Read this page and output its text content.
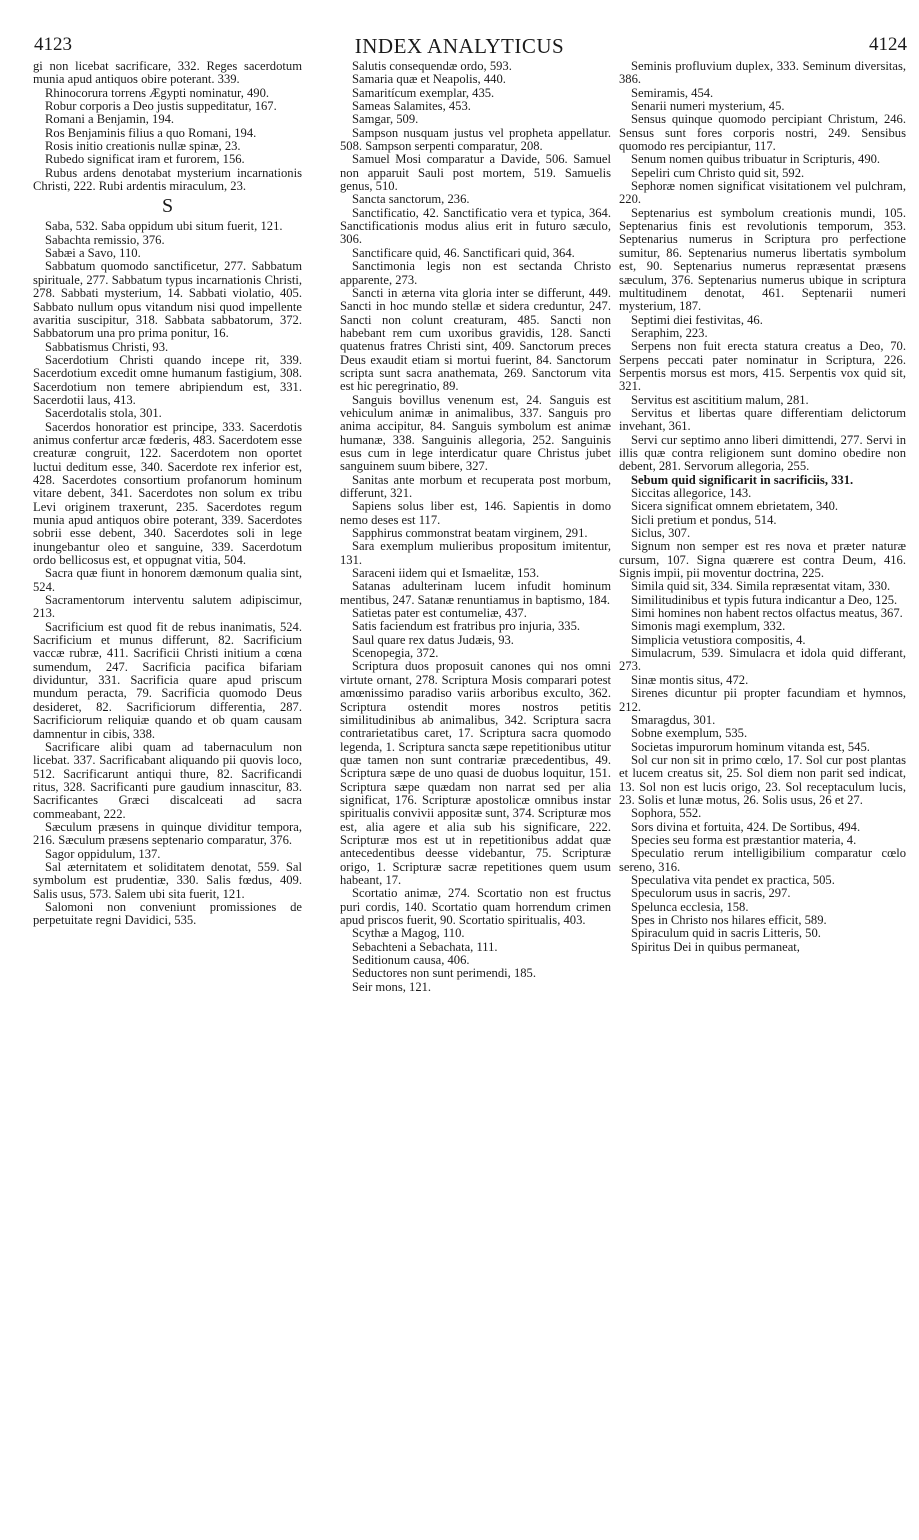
4123	INDEX ANALYTICUS	4124

gi non licebat sacrificare, 332. Reges sacerdotum munia apud antiquos obire poterant. 339.

Rhinocorura torrens Ægypti nominatur, 490.

Robur corporis a Deo justis suppeditatur, 167.

Romani a Benjamin, 194.

Ros Benjaminis filius a quo Romani, 194.

Rosis initio creationis nullæ spinæ, 23.

Rubedo significat iram et furorem, 156.

Rubus ardens denotabat mysterium incarnationis Christi, 222. Rubi ardentis miraculum, 23.

S

Saba, 532. Saba oppidum ubi situm fuerit, 121.

Sabachta remissio, 376.

Sabæi a Savo, 110.

Sabbatum quomodo sanctificetur, 277. Sabbatum spirituale, 277. Sabbatum typus incarnationis Christi, 278. Sabbati mysterium, 14. Sabbati violatio, 405. Sabbato nullum opus vitandum nisi quod impellente avaritia suscipitur, 318. Sabbata sabbatorum, 372. Sabbatorum una pro prima ponitur, 16.

Sabbatismus Christi, 93.

Sacerdotium Christi quando incepe rit, 339. Sacerdotium excedit omne humanum fastigium, 308. Sacerdotium non temere abripiendum est, 331. Sacerdotii laus, 413.

Sacerdotalis stola, 301.

Sacerdos honoratior est principe, 333. Sacerdotis animus confertur arcæ fœderis, 483. Sacerdotem esse creaturæ congruit, 122. Sacerdotem non oportet luctui deditum esse, 340. Sacerdote rex inferior est, 428. Sacerdotes consortium profanorum hominum vitare debent, 341. Sacerdotes non solum ex tribu Levi originem traxerunt, 235. Sacerdotes regum munia apud antiquos obire poterant, 339. Sacerdotes sobrii esse debent, 340. Sacerdotes soli in lege inungebantur oleo et sanguine, 339. Sacerdotum ordo bellicosus est, et oppugnat vitia, 504.

Sacra quæ fiunt in honorem dæmonum qualia sint, 524.

Sacramentorum interventu salutem adipiscimur, 213.

Sacrificium est quod fit de rebus inanimatis, 524. Sacrificium et munus differunt, 82. Sacrificium vaccæ rubræ, 411. Sacrificii Christi initium a cœna sumendum, 247. Sacrificia pacifica bifariam dividuntur, 331. Sacrificia quare apud priscum mundum peracta, 79. Sacrificia quomodo Deus desideret, 82. Sacrificiorum differentia, 287. Sacrificiorum reliquiæ quando et ob quam causam damnentur in cibis, 338.

Sacrificare alibi quam ad tabernaculum non licebat. 337. Sacrificabant aliquando pii quovis loco, 512. Sacrificarunt antiqui thure, 82. Sacrificandi ritus, 328. Sacrificanti pure gaudium innascitur, 83. Sacrificantes Græci discalceati ad sacra commeabant, 222.

Sæculum præsens in quinque dividitur tempora, 216. Sæculum præsens septenario comparatur, 376.

Sagor oppidulum, 137.

Sal æternitatem et soliditatem denotat, 559. Sal symbolum est prudentiæ, 330. Salis fœdus, 409. Salis usus, 573. Salem ubi sita fuerit, 121.

Salomoni non conveniunt promissiones de perpetuitate regni Davidici, 535.

Salutis consequendæ ordo, 593.

Samaria quæ et Neapolis, 440.

Samaritícum exemplar, 435.

Sameas Salamites, 453.

Samgar, 509.

Sampson nusquam justus vel propheta appellatur. 508. Sampson serpenti comparatur, 208.

Samuel Mosi comparatur a Davide, 506. Samuel non apparuit Sauli post mortem, 519. Samuelis genus, 510.

Sancta sanctorum, 236.

Sanctificatio, 42. Sanctificatio vera et typica, 364. Sanctificationis modus alius erit in futuro sæculo, 306.

Sanctificare quid, 46. Sanctificari quid, 364.

Sanctimonia legis non est sectanda Christo apparente, 273.

Sancti in æterna vita gloria inter se differunt, 449. Sancti in hoc mundo stellæ et sidera creduntur, 247. Sancti non colunt creaturam, 485. Sancti non habebant rem cum uxoribus gravidis, 128. Sancti quatenus fratres Christi sint, 409. Sanctorum preces Deus exaudit etiam si mortui fuerint, 84. Sanctorum scripta sunt sacra anathemata, 269. Sanctorum vita est hic peregrinatio, 89.

Sanguis bovillus venenum est, 24. Sanguis est vehiculum animæ in animalibus, 337. Sanguis pro anima accipitur, 84. Sanguis symbolum est animæ humanæ, 338. Sanguinis allegoria, 252. Sanguinis esus cum in lege interdicatur quare Christus jubet sanguinem suum bibere, 327.

Sanitas ante morbum et recuperata post morbum, differunt, 321.

Sapiens solus liber est, 146. Sapientis in domo nemo deses est 117.

Sapphirus commonstrat beatam virginem, 291.

Sara exemplum mulieribus propositum imitentur, 131.

Saraceni iidem qui et Ismaelitæ, 153.

Satanas adulterinam lucem infudit hominum mentibus, 247. Satanæ renuntiamus in baptismo, 184.

Satietas pater est contumeliæ, 437.

Satis faciendum est fratribus pro injuria, 335.

Saul quare rex datus Judæis, 93.

Scenopegia, 372.

Scriptura duos proposuit canones qui nos omni virtute ornant, 278. Scriptura Mosis comparari potest amœnissimo paradiso variis arboribus exculto, 362. Scriptura ostendit mores nostros petitis similitudinibus ab animalibus, 342. Scriptura sacra contrarietatibus caret, 17. Scriptura sacra quomodo legenda, 1. Scriptura sancta sæpe repetitionibus utitur quæ tamen non sunt contrariæ præcedentibus, 49. Scriptura sæpe de uno quasi de duobus loquitur, 151. Scriptura sæpe quædam non narrat sed per alia significat, 176. Scripturæ apostolicæ omnibus instar spiritualis convivii appositæ sunt, 374. Scripturæ mos est, alia agere et alia sub his significare, 222. Scripturæ mos est ut in repetitionibus addat quæ antecedentibus deesse videbantur, 75. Scripturæ origo, 1. Scripturæ sacræ repetitiones quem usum habeant, 17.

Scortatio animæ, 274. Scortatio non est fructus puri cordis, 140. Scortatio quam horrendum crimen apud priscos fuerit, 90. Scortatio spiritualis, 403.

Scythæ a Magog, 110.

Sebachteni a Sebachata, 111.

Seditionum causa, 406.

Seductores non sunt perimendi, 185.

Seir mons, 121.

Seminis profluvium duplex, 333. Seminum diversitas, 386.

Semiramis, 454.

Senarii numeri mysterium, 45.

Sensus quinque quomodo percipiant Christum, 246. Sensus sunt fores corporis nostri, 249. Sensibus quomodo res percipiantur, 117.

Senum nomen quibus tribuatur in Scripturis, 490.

Sepeliri cum Christo quid sit, 592.

Sephoræ nomen significat visitationem vel pulchram, 220.

Septenarius est symbolum creationis mundi, 105. Septenarius finis est revolutionis temporum, 353. Septenarius numerus in Scriptura pro perfectione sumitur, 86. Septenarius numerus libertatis symbolum est, 90. Septenarius numerus repræsentat præsens sæculum, 376. Septenarius numerus ubique in scriptura multitudinem denotat, 461. Septenarii numeri mysterium, 187.

Septimi diei festivitas, 46.

Seraphim, 223.

Serpens non fuit erecta statura creatus a Deo, 70. Serpens peccati pater nominatur in Scriptura, 226. Serpentis morsus est mors, 415. Serpentis vox quid sit, 321.

Servitus est ascititium malum, 281.

Servitus et libertas quare differentiam delictorum invehant, 361.

Servi cur septimo anno liberi dimittendi, 277. Servi in illis quæ contra religionem sunt domino obedire non debent, 281. Servorum allegoria, 255.

Sebum quid significarit in sacrificiis, 331.

Siccitas allegorice, 143.

Sicera significat omnem ebrietatem, 340.

Sicli pretium et pondus, 514.

Siclus, 307.

Signum non semper est res nova et præter naturæ cursum, 107. Signa quærere est contra Deum, 416. Signis impii, pii moventur doctrina, 225.

Simila quid sit, 334. Simila repræsentat vitam, 330.

Similitudinibus et typis futura indicantur a Deo, 125.

Simi homines non habent rectos olfactus meatus, 367.

Simonis magi exemplum, 332.

Simplicia vetustiora compositis, 4.

Simulacrum, 539. Simulacra et idola quid differant, 273.

Sinæ montis situs, 472.

Sirenes dicuntur pii propter facundiam et hymnos, 212.

Smaragdus, 301.

Sobne exemplum, 535.

Societas impurorum hominum vitanda est, 545.

Sol cur non sit in primo cœlo, 17. Sol cur post plantas et lucem creatus sit, 25. Sol diem non parit sed indicat, 13. Sol non est lucis origo, 23. Sol receptaculum lucis, 23. Solis et lunæ motus, 26. Solis usus, 26 et 27.

Sophora, 552.

Sors divina et fortuita, 424. De Sortibus, 494.

Species seu forma est præstantior materia, 4.

Speculatio rerum intelligibilium comparatur cœlo sereno, 316.

Speculativa vita pendet ex practica, 505.

Speculorum usus in sacris, 297.

Spelunca ecclesia, 158.

Spes in Christo nos hilares efficit, 589.

Spiraculum quid in sacris Litteris, 50.

Spiritus Dei in quibus permaneat,
